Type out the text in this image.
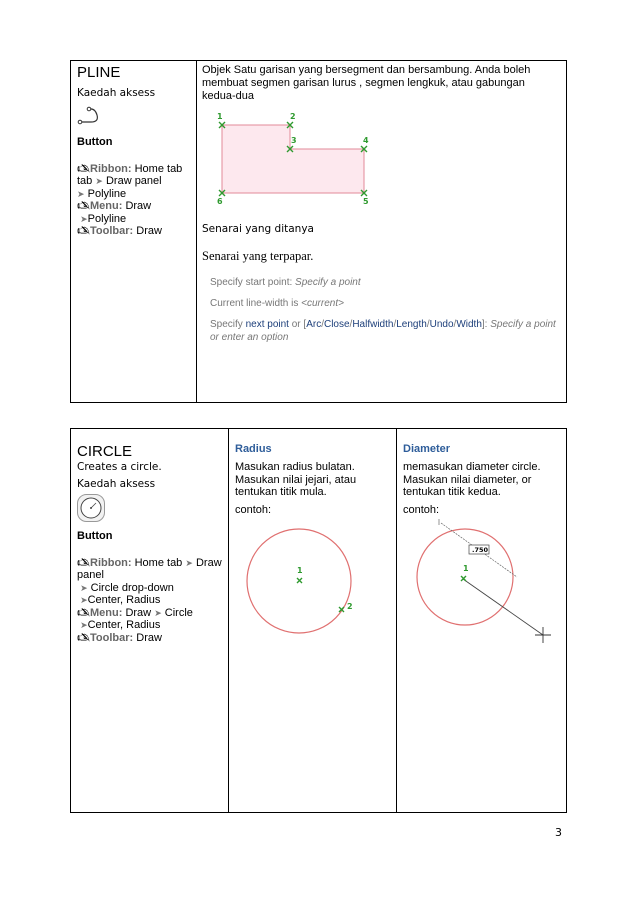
PLINE
Kaedah aksess
Button
🖎Ribbon: Home tab
tab ➤ Draw panel
➤ Polyline
🖎Menu: Draw
➤Polyline
🖎Toolbar: Draw
Objek Satu garisan yang bersegment dan bersambung. Anda boleh membuat segmen garisan lurus , segmen lengkuk, atau gabungan kedua-dua
1	2
3	4
5
6
Senarai yang ditanya
Senarai yang terpapar.
Specify start point: Specify a point
Current line-width is <current>
Specify next point or [Arc/Close/Halfwidth/Length/Undo/Width]: Specify a point or enter an option
CIRCLE
Creates a circle.
Kaedah aksess
Button
🖎Ribbon: Home tab ➤ Draw panel
➤ Circle drop-down
➤Center, Radius
🖎Menu: Draw ➤ Circle
➤Center, Radius
🖎Toolbar: Draw
Radius
Masukan radius bulatan. Masukan nilai jejari, atau tentukan titik mula.
contoh:
1
2
Diameter
memasukan diameter circle. Masukan nilai diameter, or tentukan titik kedua.
contoh:
.750
1
3
